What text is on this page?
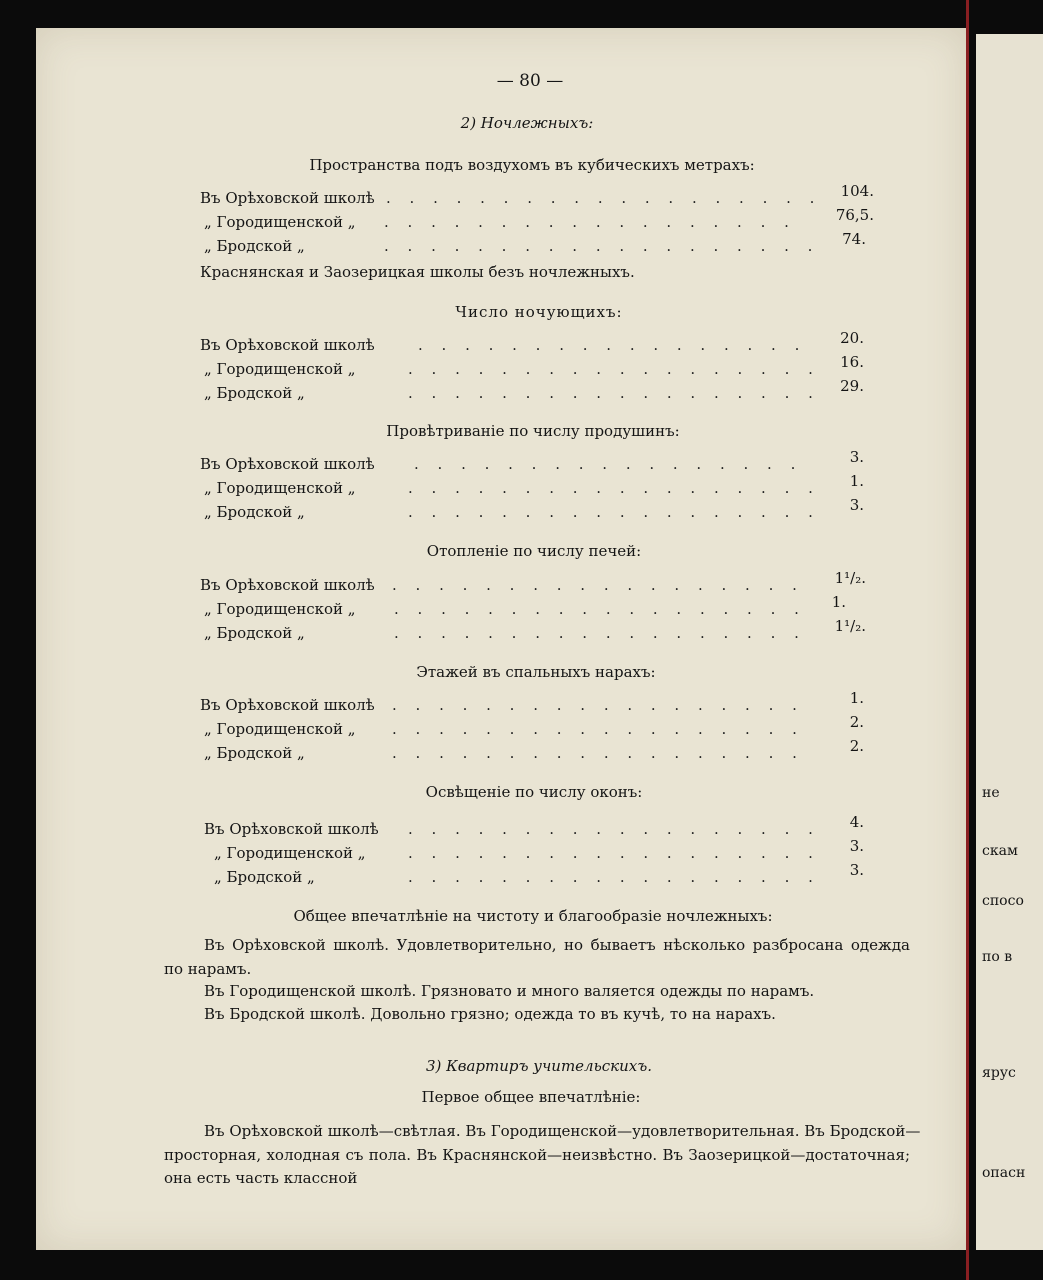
— 80 —
2) Ночлежныхъ:
Пространства подъ воздухомъ въ кубическихъ метрахъ:
Въ Орѣховской школѣ . . .	104.
„ Городищенской „ . . .	76,5.
„ Бродской „ . . .	74.
Краснянская и Заозерицкая школы безъ ночлежныхъ.
Число ночующихъ:
Въ Орѣховской школѣ . . .	20.
„ Городищенской „ . . .	16.
„ Бродской „ . . .	29.
Провѣтриваніе по числу продушинъ:
Въ Орѣховской школѣ . . .	3.
„ Городищенской „ . . .	1.
„ Бродской „ . . .	3.
Отопленіе по числу печей:
Въ Орѣховской школѣ . . .	1¹/₂.
„ Городищенской „ . . .	1.
„ Бродской „ . . .	1¹/₂.
Этажей въ спальныхъ нарахъ:
Въ Орѣховской школѣ . . .	1.
„ Городищенской „ . . .	2.
„ Бродской „ . . .	2.
Освѣщеніе по числу оконъ:
Въ Орѣховской школѣ . . .	4.
„ Городищенской „ . . .	3.
„ Бродской „ . . .	3.
Общее впечатлѣніе на чистоту и благообразіе ночлежныхъ:
Въ Орѣховской школѣ. Удовлетворительно, но бываетъ нѣсколько разбросана одежда
по нарамъ.
Въ Городищенской школѣ. Грязновато и много валяется одежды по нарамъ.
Въ Бродской школѣ. Довольно грязно; одежда то въ кучѣ, то на нарахъ.
3) Квартиръ учительскихъ.
Первое общее впечатлѣніе:
Въ Орѣховской школѣ—свѣтлая. Въ Городищенской—удовлетворительная. Въ Бродской—
просторная, холодная съ пола. Въ Краснянской—неизвѣстно. Въ Заозерицкой—достаточная;
она есть часть классной
не
скам
спосо
по в
ярус
опасн
